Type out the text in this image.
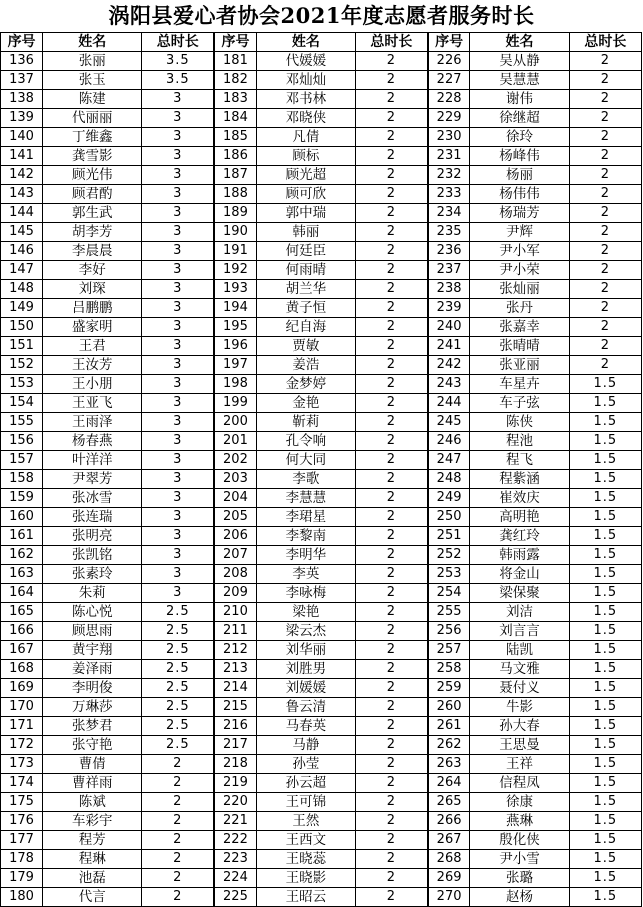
涡阳县爱心者协会2021年度志愿者服务时长
序号	姓名	总时长	序号	姓名	总时长	序号	姓名	总时长
136	张丽	3.5	181	代媛媛	2	226	吴从静	2
137	张玉	3.5	182	邓灿灿	2	227	吴慧慧	2
138	陈建	3	183	邓书林	2	228	谢伟	2
139	代丽丽	3	184	邓晓侠	2	229	徐继超	2
140	丁维鑫	3	185	凡倩	2	230	徐玲	2
141	龚雪影	3	186	顾标	2	231	杨峰伟	2
142	顾光伟	3	187	顾光超	2	232	杨丽	2
143	顾君酌	3	188	顾可欣	2	233	杨伟伟	2
144	郭生武	3	189	郭中瑞	2	234	杨瑞芳	2
145	胡李芳	3	190	韩丽	2	235	尹辉	2
146	李晨晨	3	191	何廷臣	2	236	尹小军	2
147	李好	3	192	何雨晴	2	237	尹小荣	2
148	刘琛	3	193	胡兰华	2	238	张灿丽	2
149	吕鹏鹏	3	194	黄子恒	2	239	张丹	2
150	盛家明	3	195	纪自海	2	240	张嘉幸	2
151	王君	3	196	贾敏	2	241	张晴晴	2
152	王汝芳	3	197	姜浩	2	242	张亚丽	2
153	王小朋	3	198	金梦婷	2	243	车星卉	1.5
154	王亚飞	3	199	金艳	2	244	车子弦	1.5
155	王雨泽	3	200	靳莉	2	245	陈侠	1.5
156	杨春燕	3	201	孔令响	2	246	程池	1.5
157	叶洋洋	3	202	何大同	2	247	程飞	1.5
158	尹翠芳	3	203	李歌	2	248	程紫涵	1.5
159	张冰雪	3	204	李慧慧	2	249	崔效庆	1.5
160	张连瑞	3	205	李珺星	2	250	高明艳	1.5
161	张明亮	3	206	李黎南	2	251	龚红玲	1.5
162	张凯铭	3	207	李明华	2	252	韩雨露	1.5
163	张素玲	3	208	李英	2	253	将金山	1.5
164	朱莉	3	209	李咏梅	2	254	梁保聚	1.5
165	陈心悦	2.5	210	梁艳	2	255	刘洁	1.5
166	顾思雨	2.5	211	梁云杰	2	256	刘言言	1.5
167	黄宇翔	2.5	212	刘华丽	2	257	陆凯	1.5
168	姜泽雨	2.5	213	刘胜男	2	258	马文雅	1.5
169	李明俊	2.5	214	刘媛媛	2	259	聂付义	1.5
170	万琳莎	2.5	215	鲁云清	2	260	牛影	1.5
171	张梦君	2.5	216	马春英	2	261	孙大春	1.5
172	张守艳	2.5	217	马静	2	262	王思曼	1.5
173	曹倩	2	218	孙莹	2	263	王祥	1.5
174	曹祥雨	2	219	孙云超	2	264	信程凤	1.5
175	陈斌	2	220	王可锦	2	265	徐康	1.5
176	车彩宇	2	221	王然	2	266	燕琳	1.5
177	程芳	2	222	王西文	2	267	殷化侠	1.5
178	程琳	2	223	王晓蕊	2	268	尹小雪	1.5
179	池磊	2	224	王晓影	2	269	张璐	1.5
180	代言	2	225	王昭云	2	270	赵杨	1.5
